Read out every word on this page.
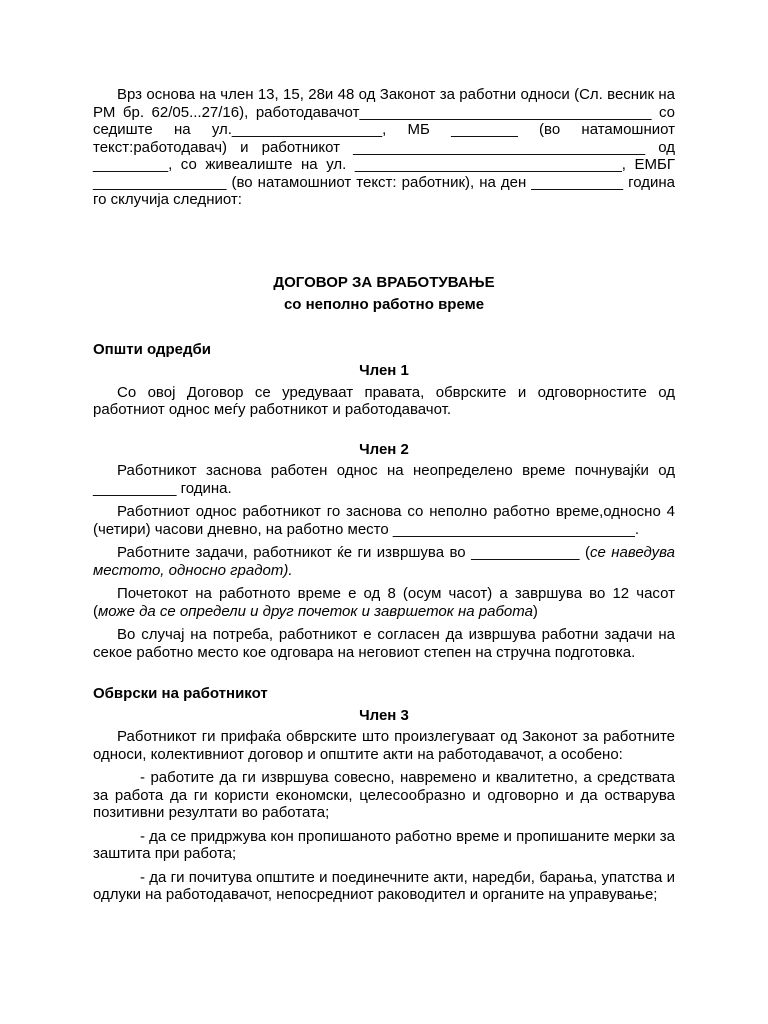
Врз основа на член 13, 15, 28и 48 од Законот за работни односи (Сл. весник на РМ бр. 62/05...27/16), работодавачот___________________________________ со седиште на ул.__________________, МБ ________ (во натамошниот текст:работодавач) и работникот ___________________________________ од _________, со живеалиште на ул. ________________________________, ЕМБГ

________________ (во натамошниот текст: работник), на ден ___________ година го склучија следниот:

ДОГОВОР ЗА ВРАБОТУВАЊЕ

со неполно работно време

Општи одредби

Член 1

Со овој Договор се уредуваат правата, обврските и одговорностите од работниот однос меѓу работникот и работодавачот.

Член 2

Работникот заснова работен однос на неопределено време почнувајќи од __________ година.

Работниот однос работникот го заснова со неполно работно време,односно 4 (четири) часови дневно, на работно место _____________________________.

Работните задачи, работникот ќе ги извршува во _____________ (се наведува местото, односно градот).

Почетокот на работното време е од 8 (осум часот) а завршува во 12 часот (може да се определи и друг почеток и завршеток на работа)

Во случај на потреба, работникот е согласен да извршува работни задачи на секое работно место кое одговара на неговиот степен на стручна подготовка.

Обврски на работникот

Член 3

Работникот ги прифаќа обврските што произлегуваат од Законот за работните односи, колективниот договор и општите акти на работодавачот, а особено:

- работите да ги извршува совесно, навремено и квалитетно, а средствата за работа да ги користи економски, целесообразно и одговорно и да остварува позитивни резултати во работата;

- да се придржува кон пропишаното работно време и пропишаните мерки за заштита при работа;

- да ги почитува општите и поединечните акти, наредби, барања, упатства и одлуки на работодавачот, непосредниот раководител и органите на управување;
